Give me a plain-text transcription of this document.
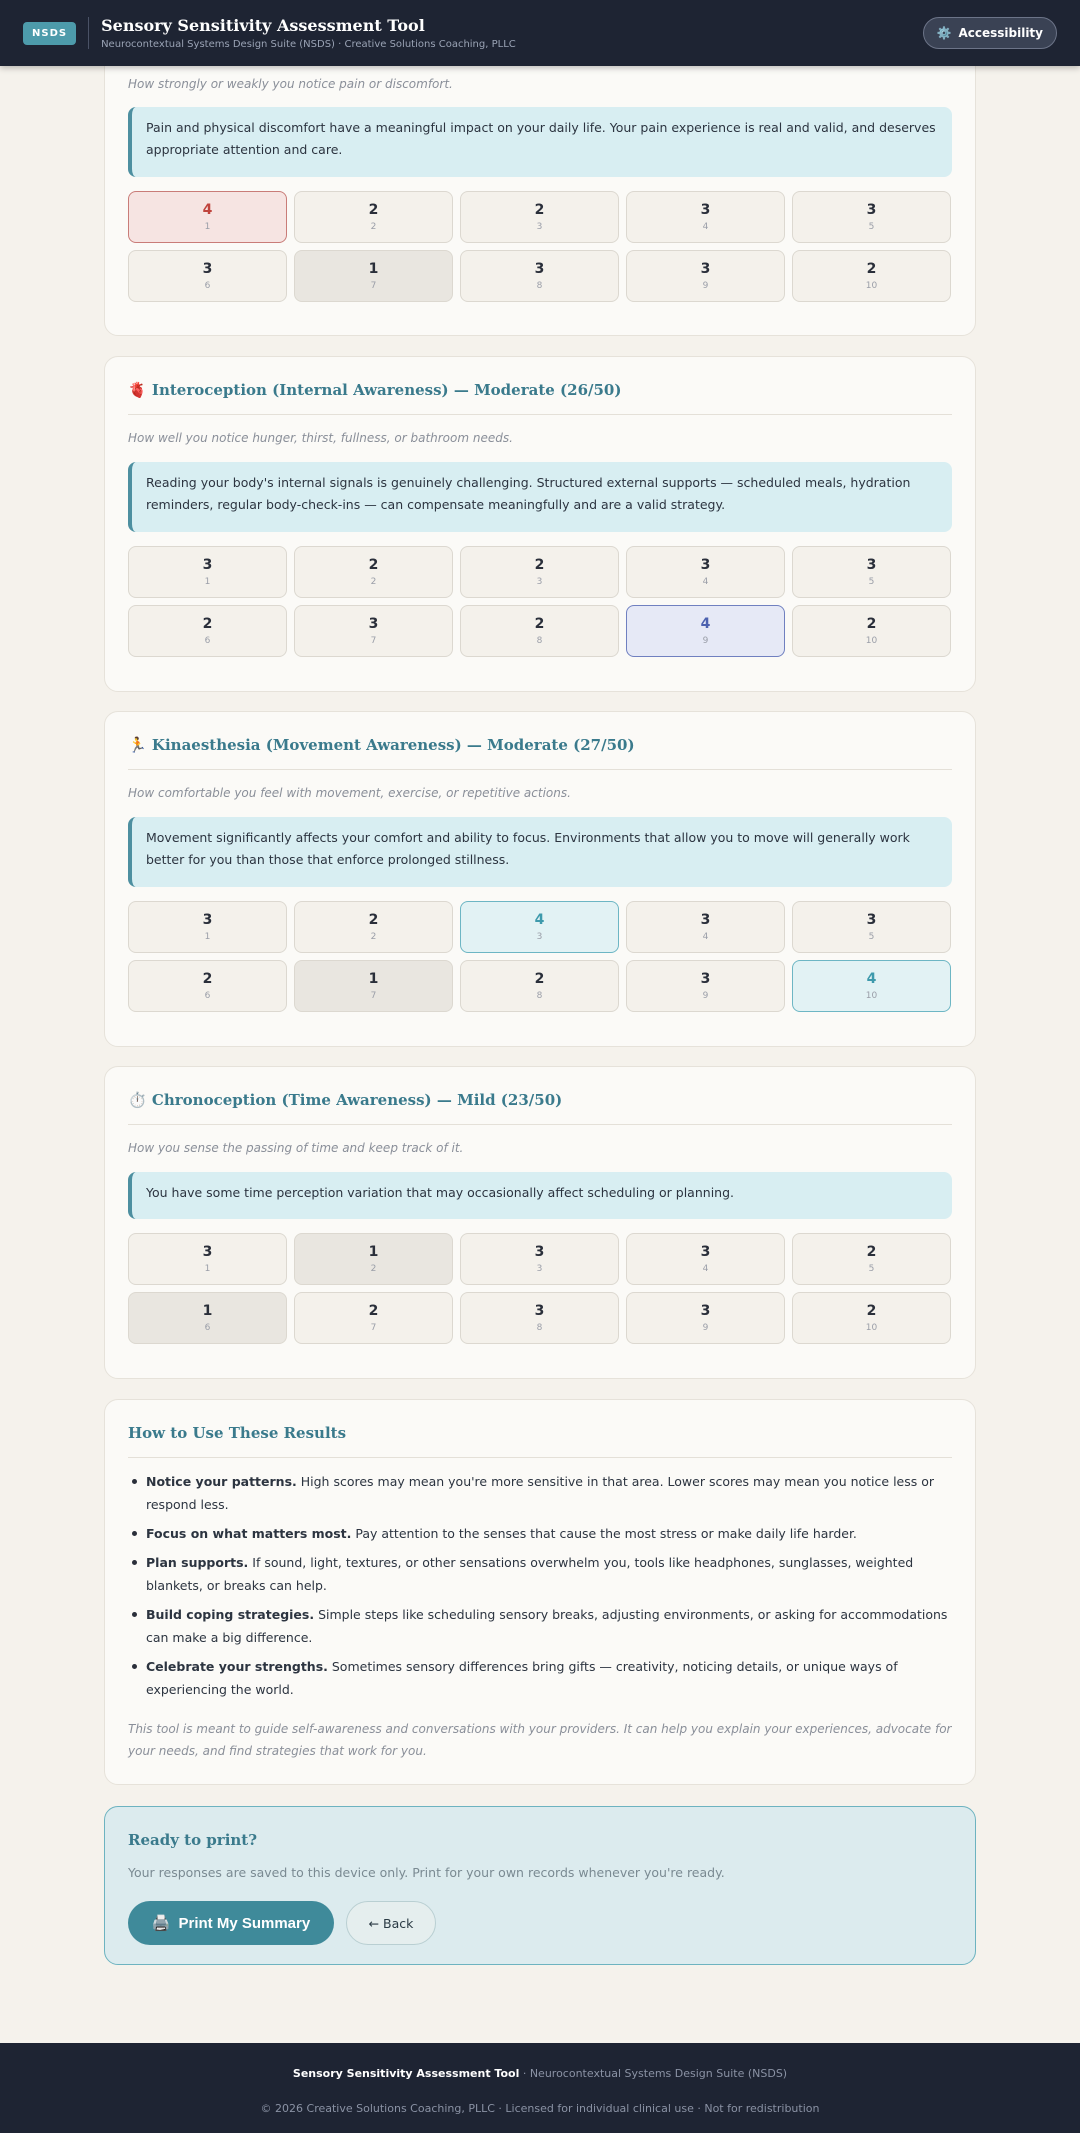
NSDS	Sensory Sensitivity Assessment Tool
Neurocontextual Systems Design Suite (NSDS) · Creative Solutions Coaching, PLLC
⚙️ Accessibility
How strongly or weakly you notice pain or discomfort.
Pain and physical discomfort have a meaningful impact on your daily life. Your pain experience is real and valid, and deserves appropriate attention and care.
4
1
2
2
2
3
3
4
3
5
3
6
1
7
3
8
3
9
2
10
🫀 Interoception (Internal Awareness) — Moderate (26/50)
How well you notice hunger, thirst, fullness, or bathroom needs.
Reading your body's internal signals is genuinely challenging. Structured external supports — scheduled meals, hydration reminders, regular body-check-ins — can compensate meaningfully and are a valid strategy.
3
1
2
2
2
3
3
4
3
5
2
6
3
7
2
8
4
9
2
10
🏃 Kinaesthesia (Movement Awareness) — Moderate (27/50)
How comfortable you feel with movement, exercise, or repetitive actions.
Movement significantly affects your comfort and ability to focus. Environments that allow you to move will generally work better for you than those that enforce prolonged stillness.
3
1
2
2
4
3
3
4
3
5
2
6
1
7
2
8
3
9
4
10
⏱️ Chronoception (Time Awareness) — Mild (23/50)
How you sense the passing of time and keep track of it.
You have some time perception variation that may occasionally affect scheduling or planning.
3
1
1
2
3
3
3
4
2
5
1
6
2
7
3
8
3
9
2
10
How to Use These Results
Notice your patterns. High scores may mean you're more sensitive in that area. Lower scores may mean you notice less or respond less.
Focus on what matters most. Pay attention to the senses that cause the most stress or make daily life harder.
Plan supports. If sound, light, textures, or other sensations overwhelm you, tools like headphones, sunglasses, weighted blankets, or breaks can help.
Build coping strategies. Simple steps like scheduling sensory breaks, adjusting environments, or asking for accommodations can make a big difference.
Celebrate your strengths. Sometimes sensory differences bring gifts — creativity, noticing details, or unique ways of experiencing the world.
This tool is meant to guide self-awareness and conversations with your providers. It can help you explain your experiences, advocate for your needs, and find strategies that work for you.
Ready to print?
Your responses are saved to this device only. Print for your own records whenever you're ready.
🖨️ Print My Summary	← Back
Sensory Sensitivity Assessment Tool · Neurocontextual Systems Design Suite (NSDS)
© 2026 Creative Solutions Coaching, PLLC · Licensed for individual clinical use · Not for redistribution
